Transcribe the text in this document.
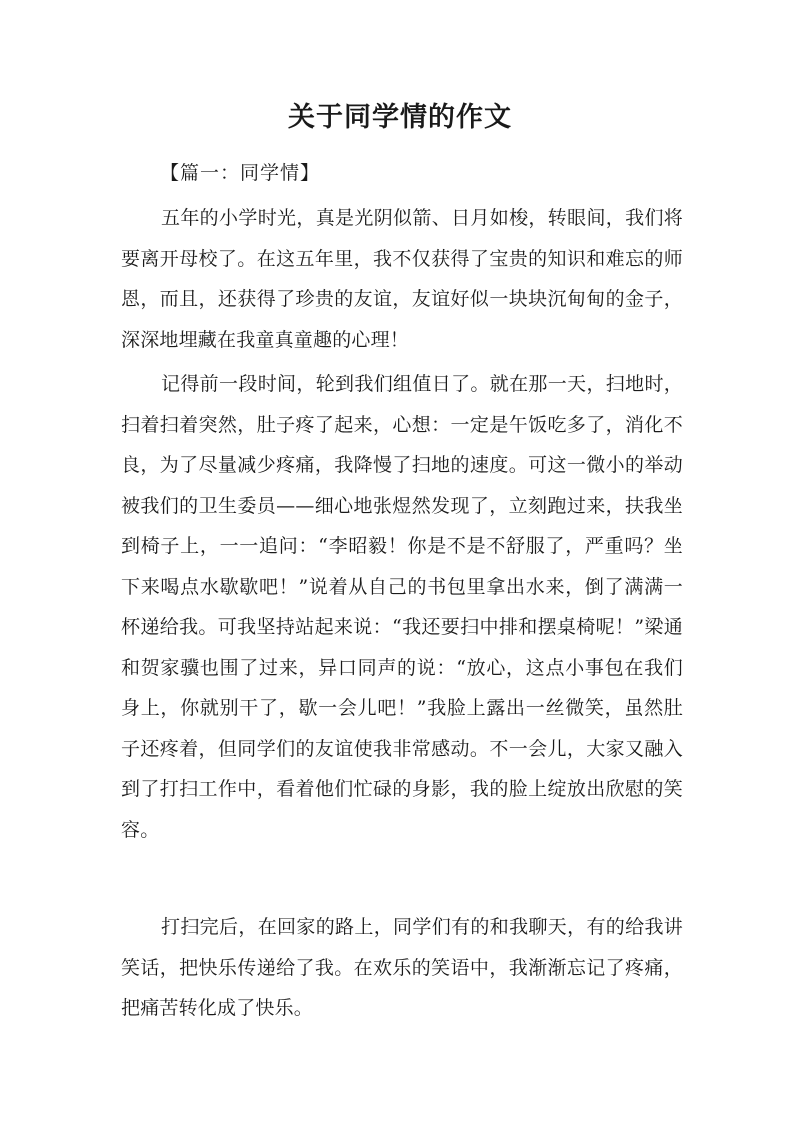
关于同学情的作文
【篇一：同学情】

五年的小学时光，真是光阴似箭、日月如梭，转眼间，我们将要离开母校了。在这五年里，我不仅获得了宝贵的知识和难忘的师恩，而且，还获得了珍贵的友谊，友谊好似一块块沉甸甸的金子，深深地埋藏在我童真童趣的心理！

记得前一段时间，轮到我们组值日了。就在那一天，扫地时，扫着扫着突然，肚子疼了起来，心想：一定是午饭吃多了，消化不良，为了尽量减少疼痛，我降慢了扫地的速度。可这一微小的举动被我们的卫生委员——细心地张煜然发现了，立刻跑过来，扶我坐到椅子上，一一追问：“李昭毅！你是不是不舒服了，严重吗？坐下来喝点水歇歇吧！”说着从自己的书包里拿出水来，倒了满满一杯递给我。可我坚持站起来说：“我还要扫中排和摆桌椅呢！”梁通和贺家骥也围了过来，异口同声的说：“放心，这点小事包在我们身上，你就别干了，歇一会儿吧！”我脸上露出一丝微笑，虽然肚子还疼着，但同学们的友谊使我非常感动。不一会儿，大家又融入到了打扫工作中，看着他们忙碌的身影，我的脸上绽放出欣慰的笑容。

打扫完后，在回家的路上，同学们有的和我聊天，有的给我讲笑话，把快乐传递给了我。在欢乐的笑语中，我渐渐忘记了疼痛，把痛苦转化成了快乐。
